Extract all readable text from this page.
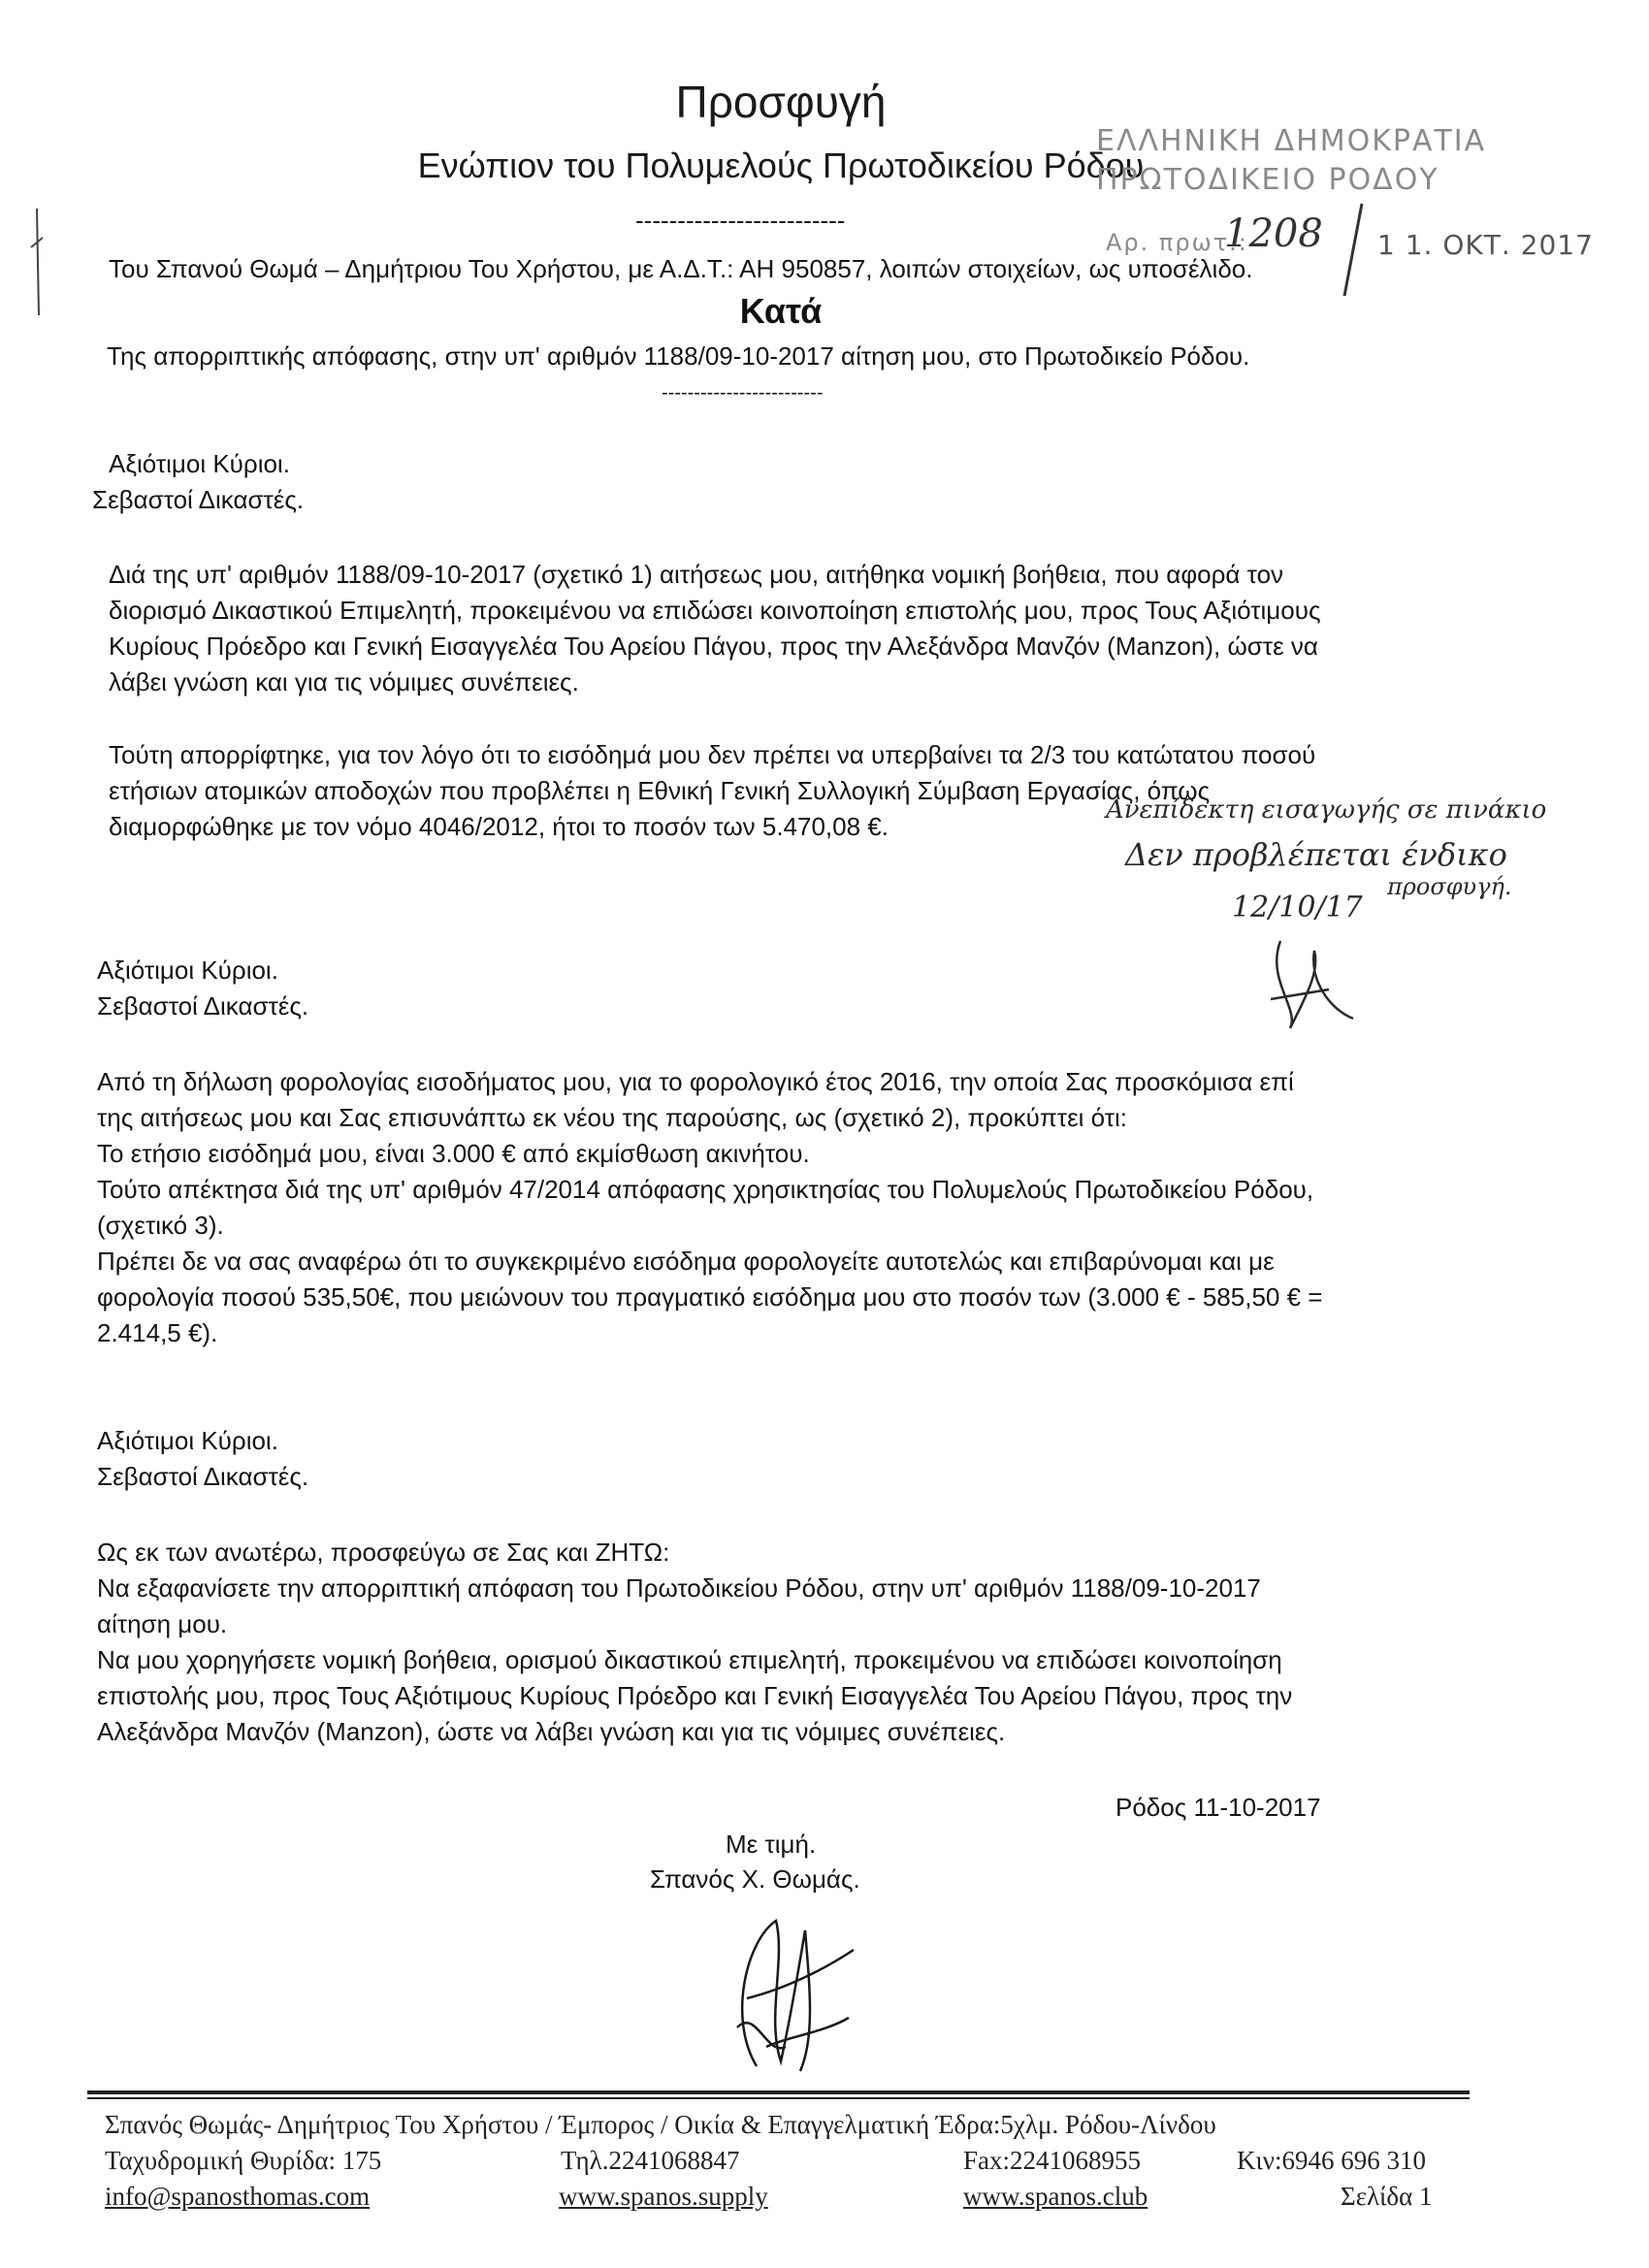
Προσφυγή
Ενώπιον του Πολυμελούς Πρωτοδικείου Ρόδου
-------------------------
Του Σπανού Θωμά – Δημήτριου Του Χρήστου, με Α.Δ.Τ.: ΑΗ 950857, λοιπών στοιχείων, ως υποσέλιδο.
Κατά
Της απορριπτικής απόφασης, στην υπ' αριθμόν 1188/09-10-2017 αίτηση μου, στο Πρωτοδικείο Ρόδου.
-------------------------
ΕΛΛΗΝΙΚΗ ΔΗΜΟΚΡΑΤΙΑ
ΠΡΩΤΟΔΙΚΕΙΟ ΡΟΔΟΥ
Αρ. πρωτ.:
1208 1 1. ΟΚΤ. 2017
Αξιότιμοι Κύριοι.
Σεβαστοί Δικαστές.
Διά της υπ' αριθμόν 1188/09-10-2017 (σχετικό 1) αιτήσεως μου, αιτήθηκα νομική βοήθεια, που αφορά τον
διορισμό Δικαστικού Επιμελητή, προκειμένου να επιδώσει κοινοποίηση επιστολής μου, προς Τους Αξιότιμους
Κυρίους Πρόεδρο και Γενική Εισαγγελέα Του Αρείου Πάγου, προς την Αλεξάνδρα Μανζόν (Manzon), ώστε να
λάβει γνώση και για τις νόμιμες συνέπειες.
Τούτη απορρίφτηκε, για τον λόγο ότι το εισόδημά μου δεν πρέπει να υπερβαίνει τα 2/3 του κατώτατου ποσού
ετήσιων ατομικών αποδοχών που προβλέπει η Εθνική Γενική Συλλογική Σύμβαση Εργασίας, όπως
διαμορφώθηκε με τον νόμο 4046/2012, ήτοι το ποσόν των 5.470,08 €.
Ανεπίδεκτη εισαγωγής σε πινάκιο
Δεν προβλέπεται ένδικο
προσφυγή.
12/10/17
Αξιότιμοι Κύριοι.
Σεβαστοί Δικαστές.
Από τη δήλωση φορολογίας εισοδήματος μου, για το φορολογικό έτος 2016, την οποία Σας προσκόμισα επί
της αιτήσεως μου και Σας επισυνάπτω εκ νέου της παρούσης, ως (σχετικό 2), προκύπτει ότι:
Το ετήσιο εισόδημά μου, είναι 3.000 € από εκμίσθωση ακινήτου.
Τούτο απέκτησα διά της υπ' αριθμόν 47/2014 απόφασης χρησικτησίας του Πολυμελούς Πρωτοδικείου Ρόδου,
(σχετικό 3).
Πρέπει δε να σας αναφέρω ότι το συγκεκριμένο εισόδημα φορολογείτε αυτοτελώς και επιβαρύνομαι και με
φορολογία ποσού 535,50€, που μειώνουν του πραγματικό εισόδημα μου στο ποσόν των (3.000 € - 585,50 € =
2.414,5 €).
Αξιότιμοι Κύριοι.
Σεβαστοί Δικαστές.
Ως εκ των ανωτέρω, προσφεύγω σε Σας και ΖΗΤΩ:
Να εξαφανίσετε την απορριπτική απόφαση του Πρωτοδικείου Ρόδου, στην υπ' αριθμόν 1188/09-10-2017
αίτηση μου.
Να μου χορηγήσετε νομική βοήθεια, ορισμού δικαστικού επιμελητή, προκειμένου να επιδώσει κοινοποίηση
επιστολής μου, προς Τους Αξιότιμους Κυρίους Πρόεδρο και Γενική Εισαγγελέα Του Αρείου Πάγου, προς την
Αλεξάνδρα Μανζόν (Manzon), ώστε να λάβει γνώση και για τις νόμιμες συνέπειες.
Ρόδος 11-10-2017
Με τιμή.
Σπανός Χ. Θωμάς.
Σπανός Θωμάς- Δημήτριος Του Χρήστου / Έμπορος / Οικία & Επαγγελματική Έδρα:5χλμ. Ρόδου-Λίνδου
Ταχυδρομική Θυρίδα: 175	Τηλ.2241068847	Fax:2241068955	Κιν:6946 696 310
info@spanosthomas.com	www.spanos.supply	www.spanos.club	Σελίδα 1
